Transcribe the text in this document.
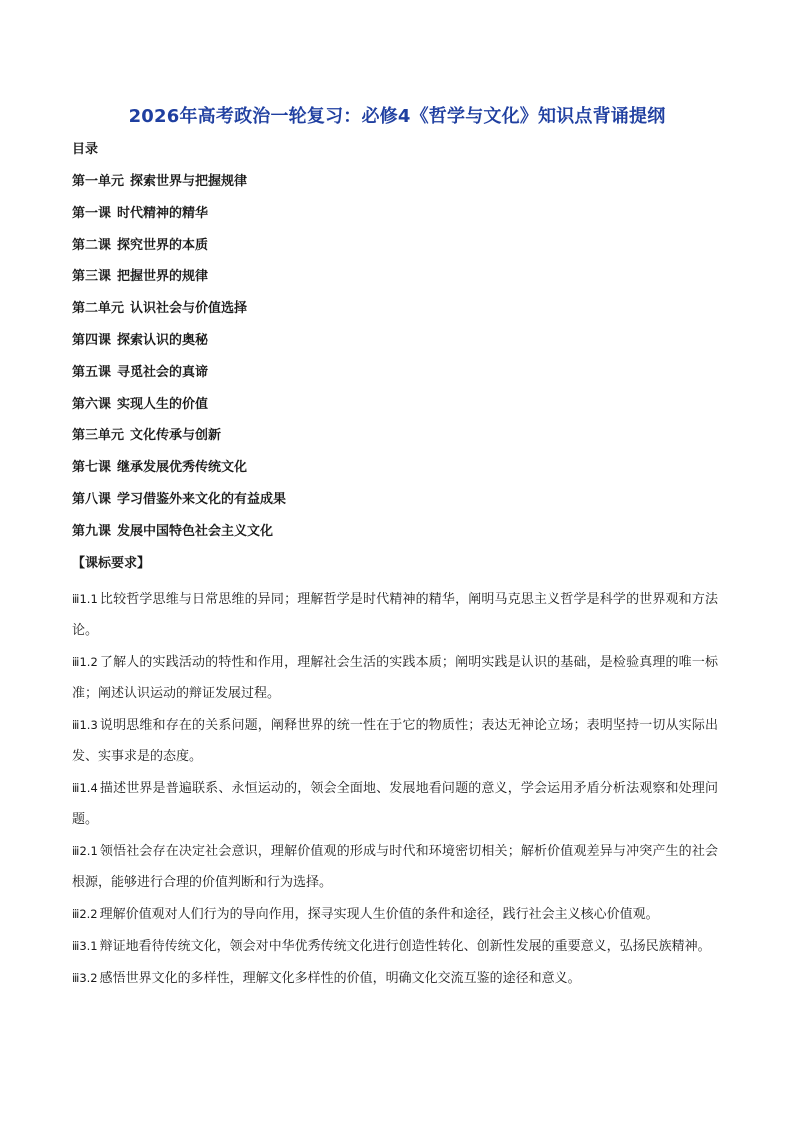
2026年高考政治一轮复习：必修4《哲学与文化》知识点背诵提纲
目录
第一单元 探索世界与把握规律
第一课 时代精神的精华
第二课 探究世界的本质
第三课 把握世界的规律
第二单元 认识社会与价值选择
第四课 探索认识的奥秘
第五课 寻觅社会的真谛
第六课 实现人生的价值
第三单元 文化传承与创新
第七课 继承发展优秀传统文化
第八课 学习借鉴外来文化的有益成果
第九课 发展中国特色社会主义文化
【课标要求】

ⅲ1.1 比较哲学思维与日常思维的异同；理解哲学是时代精神的精华，阐明马克思主义哲学是科学的世界观和方法论。

ⅲ1.2 了解人的实践活动的特性和作用，理解社会生活的实践本质；阐明实践是认识的基础，是检验真理的唯一标准；阐述认识运动的辩证发展过程。

ⅲ1.3 说明思维和存在的关系问题，阐释世界的统一性在于它的物质性；表达无神论立场；表明坚持一切从实际出发、实事求是的态度。

ⅲ1.4 描述世界是普遍联系、永恒运动的，领会全面地、发展地看问题的意义，学会运用矛盾分析法观察和处理问题。

ⅲ2.1 领悟社会存在决定社会意识，理解价值观的形成与时代和环境密切相关；解析价值观差异与冲突产生的社会根源，能够进行合理的价值判断和行为选择。

ⅲ2.2 理解价值观对人们行为的导向作用，探寻实现人生价值的条件和途径，践行社会主义核心价值观。

ⅲ3.1 辩证地看待传统文化，领会对中华优秀传统文化进行创造性转化、创新性发展的重要意义，弘扬民族精神。

ⅲ3.2 感悟世界文化的多样性，理解文化多样性的价值，明确文化交流互鉴的途径和意义。
